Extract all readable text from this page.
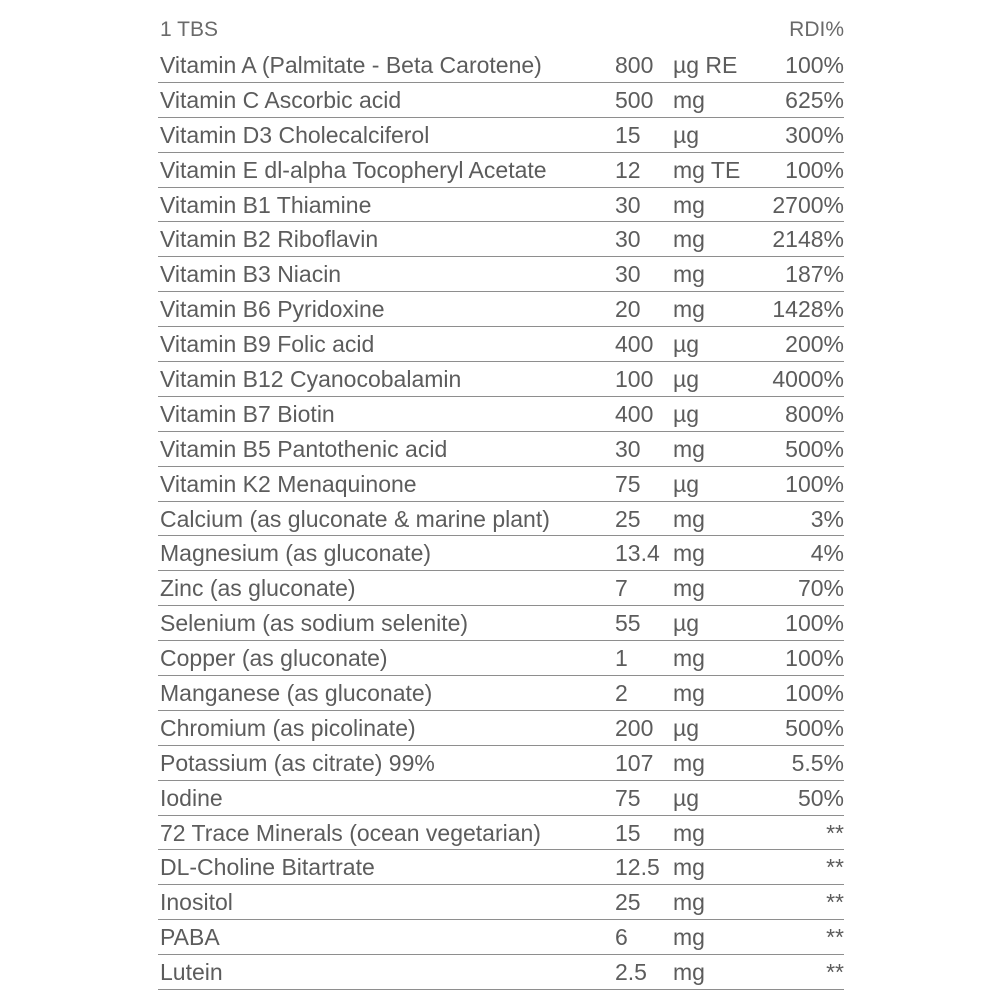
1 TBS	RDI%
Vitamin A (Palmitate - Beta Carotene)	800 µg RE 100%
Vitamin C Ascorbic acid	500 mg	625%
Vitamin D3 Cholecalciferol	15 µg	300%
Vitamin E dl-alpha Tocopheryl Acetate	12 mg TE 100%
Vitamin B1 Thiamine	30 mg	2700%
Vitamin B2 Riboflavin	30 mg	2148%
Vitamin B3 Niacin	30 mg	187%
Vitamin B6 Pyridoxine	20 mg	1428%
Vitamin B9 Folic acid	400 µg	200%
Vitamin B12 Cyanocobalamin	100 µg	4000%
Vitamin B7 Biotin	400 µg	800%
Vitamin B5 Pantothenic acid	30 mg	500%
Vitamin K2 Menaquinone	75 µg	100%
Calcium (as gluconate & marine plant)	25 mg	3%
Magnesium (as gluconate)	13.4 mg	4%
Zinc (as gluconate)	7 mg	70%
Selenium (as sodium selenite)	55 µg	100%
Copper (as gluconate)	1 mg	100%
Manganese (as gluconate)	2 mg	100%
Chromium (as picolinate)	200 µg	500%
Potassium (as citrate) 99%	107 mg	5.5%
Iodine	75 µg	50%
72 Trace Minerals (ocean vegetarian)	15 mg	**
DL-Choline Bitartrate	12.5 mg	**
Inositol	25 mg	**
PABA	6 mg	**
Lutein	2.5 mg	**
